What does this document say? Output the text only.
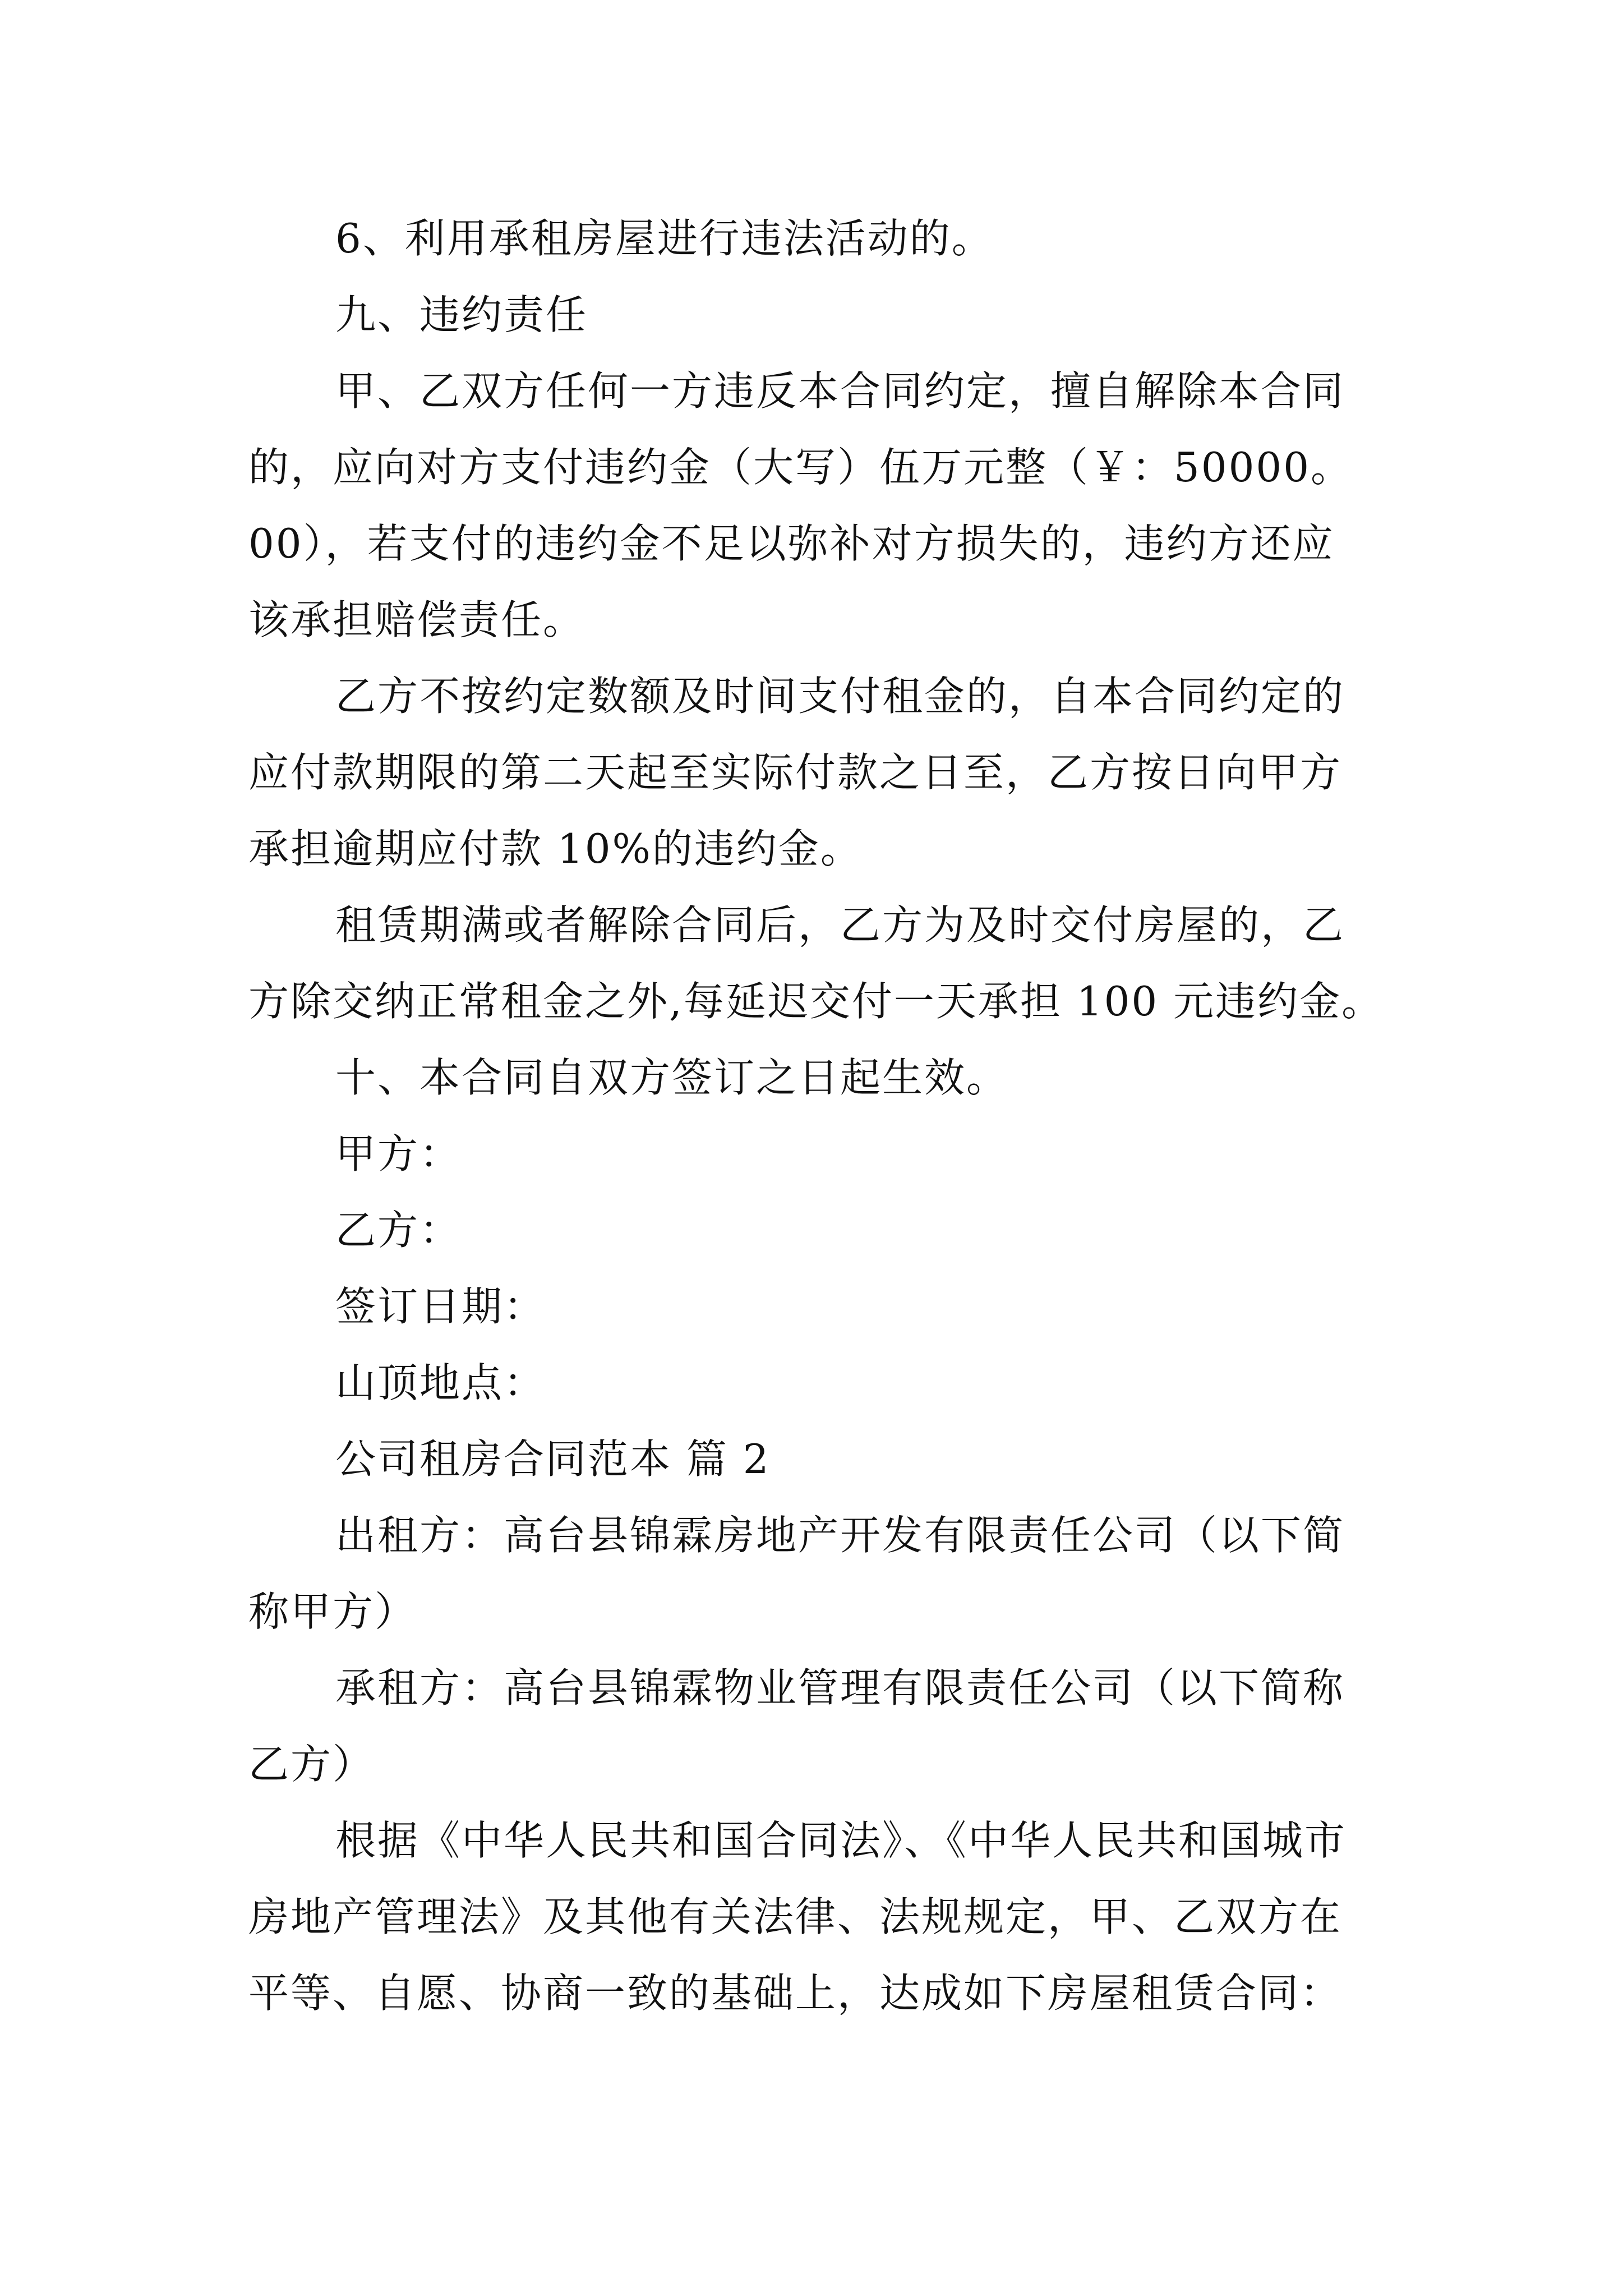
6、利用承租房屋进行违法活动的。
九、违约责任
甲、乙双方任何一方违反本合同约定，擅自解除本合同
的，应向对方支付违约金（大写）伍万元整（￥：50000。
00），若支付的违约金不足以弥补对方损失的，违约方还应
该承担赔偿责任。
乙方不按约定数额及时间支付租金的，自本合同约定的
应付款期限的第二天起至实际付款之日至，乙方按日向甲方
承担逾期应付款 10%的违约金。
租赁期满或者解除合同后，乙方为及时交付房屋的，乙
方除交纳正常租金之外,每延迟交付一天承担 100 元违约金。
十、本合同自双方签订之日起生效。
甲方：
乙方：
签订日期：
山顶地点：
公司租房合同范本 篇 2
出租方：高台县锦霖房地产开发有限责任公司（以下简
称甲方）
承租方：高台县锦霖物业管理有限责任公司（以下简称
乙方）
根据《中华人民共和国合同法》、《中华人民共和国城市
房地产管理法》及其他有关法律、法规规定，甲、乙双方在
平等、自愿、协商一致的基础上，达成如下房屋租赁合同：
